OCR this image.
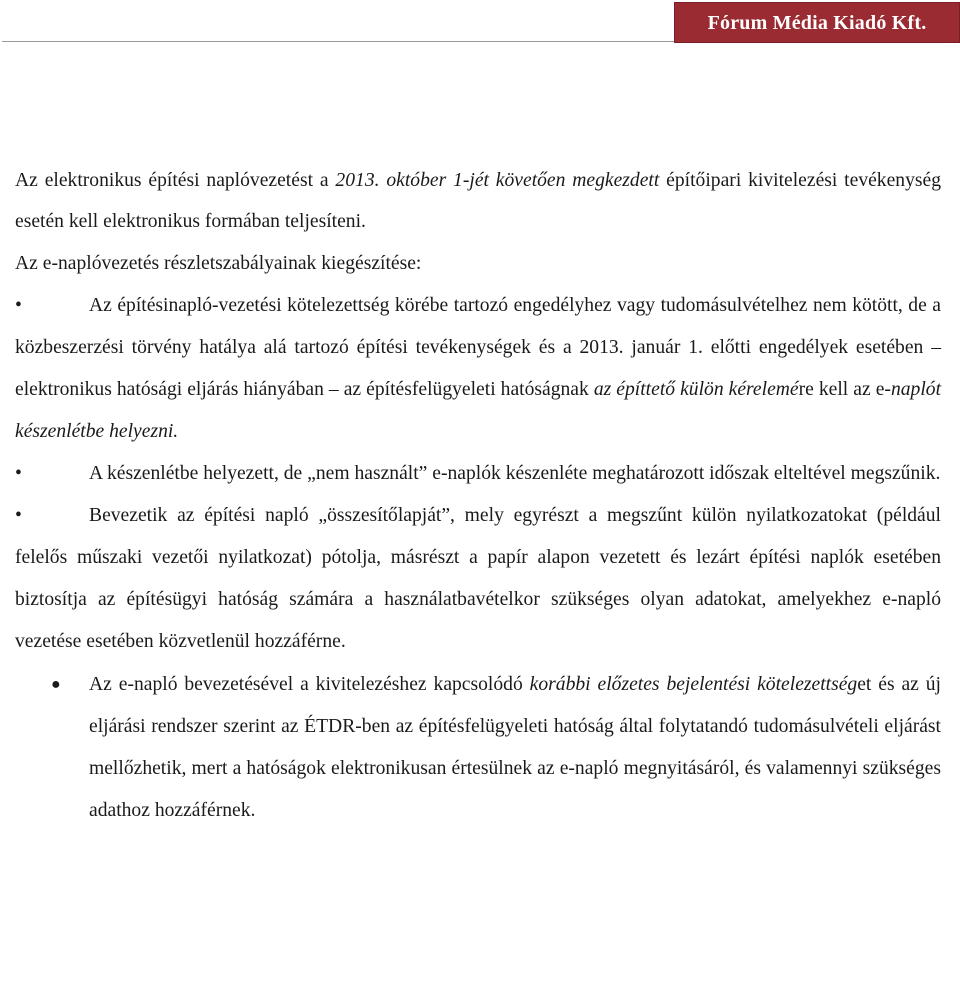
Fórum Média Kiadó Kft.

Az elektronikus építési naplóvezetést a 2013. október 1-jét követően megkezdett építőipari kivitelezési tevékenység esetén kell elektronikus formában teljesíteni.

Az e-naplóvezetés részletszabályainak kiegészítése:

•	Az építésinapló-vezetési kötelezettség körébe tartozó engedélyhez vagy tudomásulvételhez nem kötött, de a közbeszerzési törvény hatálya alá tartozó építési tevékenységek és a 2013. január 1. előtti engedélyek esetében – elektronikus hatósági eljárás hiányában – az építésfelügyeleti hatóságnak az építtető külön kérelemére kell az e-naplót készenlétbe helyezni.

•	A készenlétbe helyezett, de „nem használt” e-naplók készenléte meghatározott időszak elteltével megszűnik.

•	Bevezetik az építési napló „összesítőlapját”, mely egyrészt a megszűnt külön nyilatkozatokat (például felelős műszaki vezetői nyilatkozat) pótolja, másrészt a papír alapon vezetett és lezárt építési naplók esetében biztosítja az építésügyi hatóság számára a használatbavételkor szükséges olyan adatokat, amelyekhez e-napló vezetése esetében közvetlenül hozzáférne.

● Az e-napló bevezetésével a kivitelezéshez kapcsolódó korábbi előzetes bejelentési kötelezettséget és az új eljárási rendszer szerint az ÉTDR-ben az építésfelügyeleti hatóság által folytatandó tudomásulvételi eljárást mellőzhetik, mert a hatóságok elektronikusan értesülnek az e-napló megnyitásáról, és valamennyi szükséges adathoz hozzáférnek.
